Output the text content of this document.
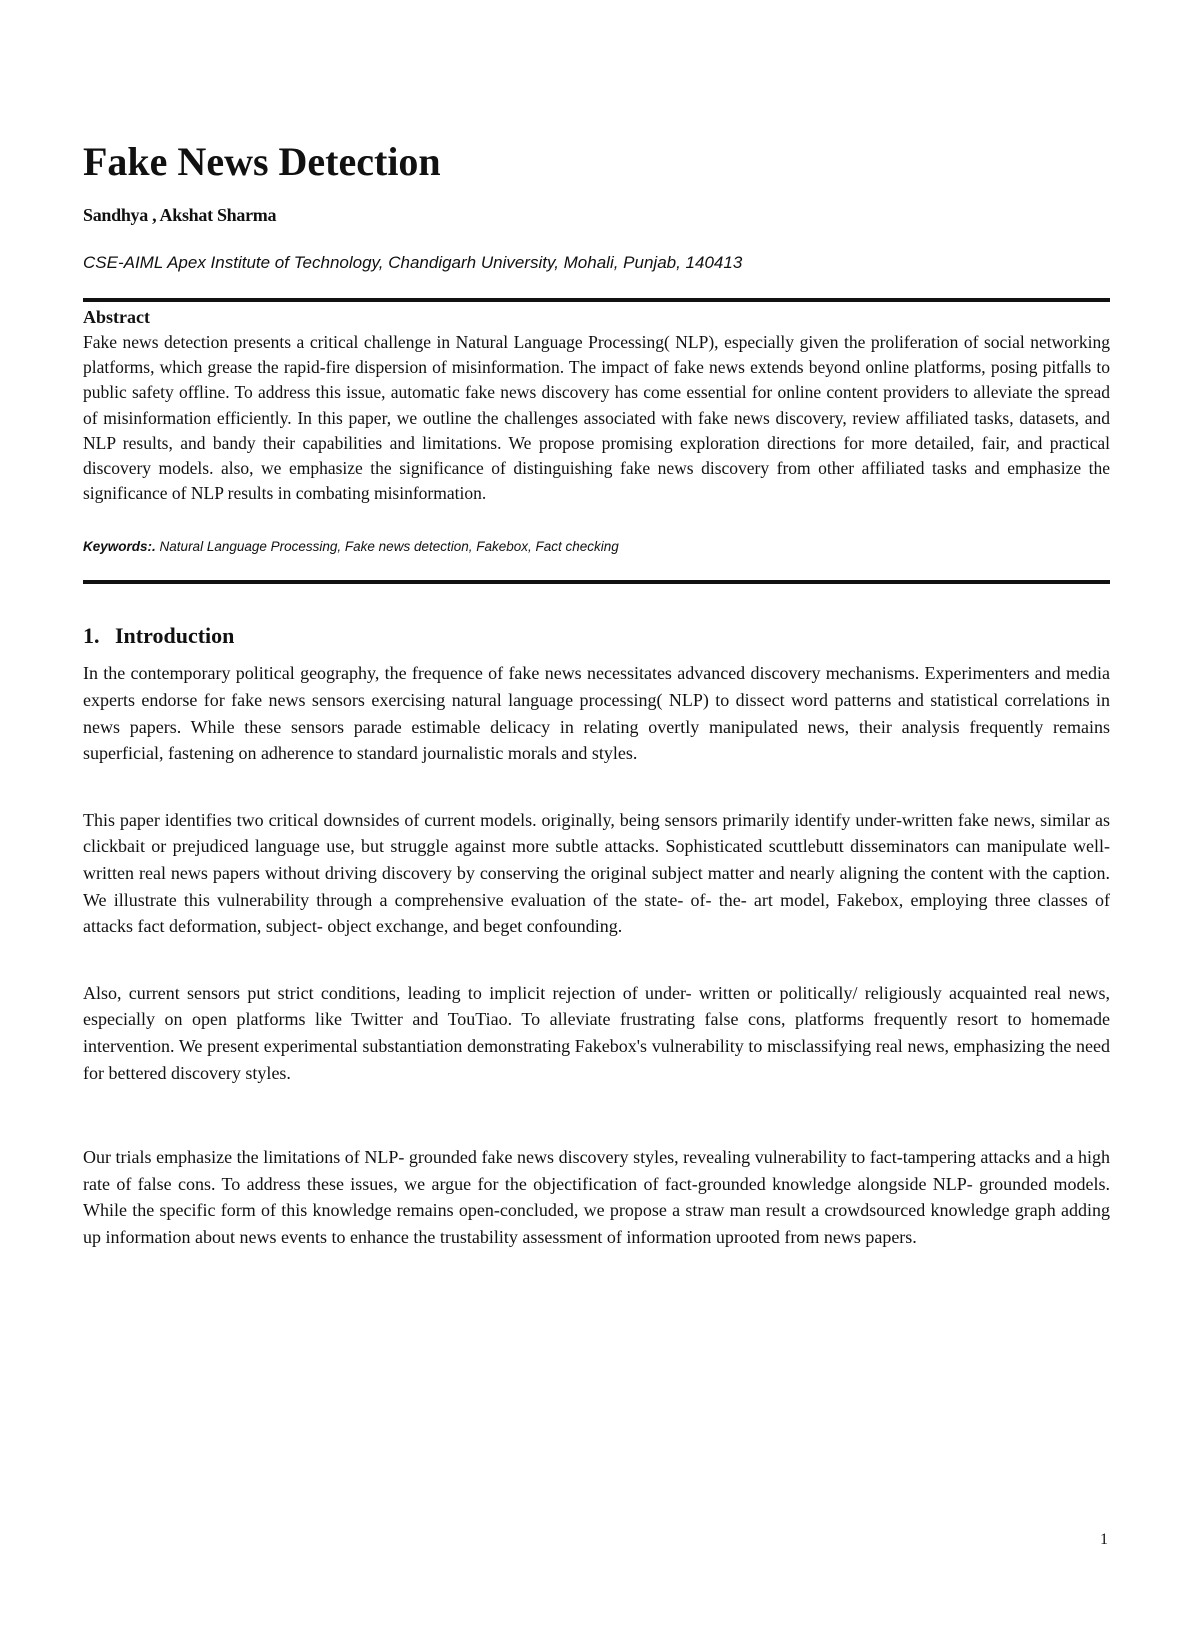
Fake News Detection
Sandhya , Akshat Sharma
CSE-AIML Apex Institute of Technology, Chandigarh University, Mohali, Punjab, 140413
Abstract
Fake news detection presents a critical challenge in Natural Language Processing( NLP), especially given the proliferation of social networking platforms, which grease the rapid-fire dispersion of misinformation. The impact of fake news extends beyond online platforms, posing pitfalls to public safety offline. To address this issue, automatic fake news discovery has come essential for online content providers to alleviate the spread of misinformation efficiently. In this paper, we outline the challenges associated with fake news discovery, review affiliated tasks, datasets, and NLP results, and bandy their capabilities and limitations. We propose promising exploration directions for more detailed, fair, and practical discovery models. also, we emphasize the significance of distinguishing fake news discovery from other affiliated tasks and emphasize the significance of NLP results in combating misinformation.
Keywords:. Natural Language Processing, Fake news detection, Fakebox, Fact checking
1. Introduction

In the contemporary political geography, the frequence of fake news necessitates advanced discovery mechanisms. Experimenters and media experts endorse for fake news sensors exercising natural language processing( NLP) to dissect word patterns and statistical correlations in news papers. While these sensors parade estimable delicacy in relating overtly manipulated news, their analysis frequently remains superficial, fastening on adherence to standard journalistic morals and styles.

This paper identifies two critical downsides of current models. originally, being sensors primarily identify under-written fake news, similar as clickbait or prejudiced language use, but struggle against more subtle attacks. Sophisticated scuttlebutt disseminators can manipulate well- written real news papers without driving discovery by conserving the original subject matter and nearly aligning the content with the caption. We illustrate this vulnerability through a comprehensive evaluation of the state- of- the- art model, Fakebox, employing three classes of attacks fact deformation, subject- object exchange, and beget confounding.

Also, current sensors put strict conditions, leading to implicit rejection of under- written or politically/ religiously acquainted real news, especially on open platforms like Twitter and TouTiao. To alleviate frustrating false cons, platforms frequently resort to homemade intervention. We present experimental substantiation demonstrating Fakebox's vulnerability to misclassifying real news, emphasizing the need for bettered discovery styles.

Our trials emphasize the limitations of NLP- grounded fake news discovery styles, revealing vulnerability to fact-tampering attacks and a high rate of false cons. To address these issues, we argue for the objectification of fact-grounded knowledge alongside NLP- grounded models. While the specific form of this knowledge remains open-concluded, we propose a straw man result a crowdsourced knowledge graph adding up information about news events to enhance the trustability assessment of information uprooted from news papers.

1
